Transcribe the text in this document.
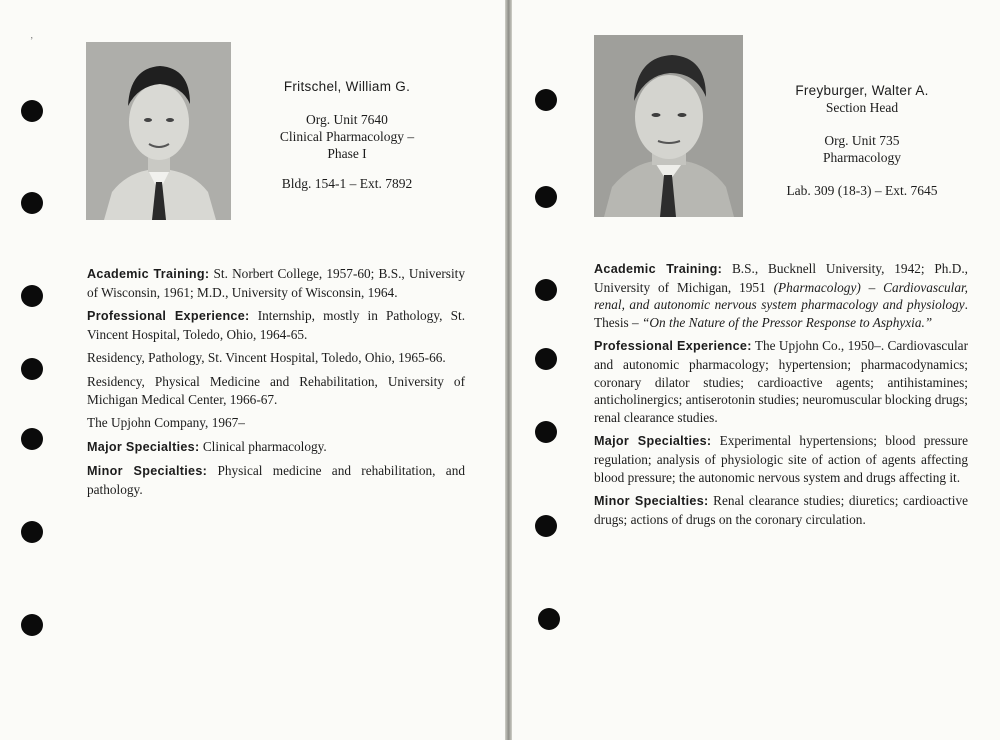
’

Fritschel, William G.

Org. Unit 7640

Clinical Pharmacology –

Phase I

Bldg. 154-1 – Ext. 7892

Academic Training: St. Norbert College, 1957-60; B.S., University of Wisconsin, 1961; M.D., University of Wisconsin, 1964.

Professional Experience: Internship, mostly in Pathology, St. Vincent Hospital, Toledo, Ohio, 1964-65.

Residency, Pathology, St. Vincent Hospital, Toledo, Ohio, 1965-66.

Residency, Physical Medicine and Rehabilitation, University of Michigan Medical Center, 1966-67.

The Upjohn Company, 1967–

Major Specialties: Clinical pharmacology.

Minor Specialties: Physical medicine and rehabilitation, and pathology.

Freyburger, Walter A.

Section Head

Org. Unit 735

Pharmacology

Lab. 309 (18-3) – Ext. 7645

Academic Training: B.S., Bucknell University, 1942; Ph.D., University of Michigan, 1951 (Pharmacology) – Cardiovascular, renal, and autonomic nervous system pharmacology and physiology. Thesis – “On the Nature of the Pressor Response to Asphyxia.”

Professional Experience: The Upjohn Co., 1950–. Cardiovascular and autonomic pharmacology; hypertension; pharmacodynamics; coronary dilator studies; cardioactive agents; antihistamines; anticholinergics; antiserotonin studies; neuromuscular blocking drugs; renal clearance studies.

Major Specialties: Experimental hypertensions; blood pressure regulation; analysis of physiologic site of action of agents affecting blood pressure; the autonomic nervous system and drugs affecting it.

Minor Specialties: Renal clearance studies; diuretics; cardioactive drugs; actions of drugs on the coronary circulation.
